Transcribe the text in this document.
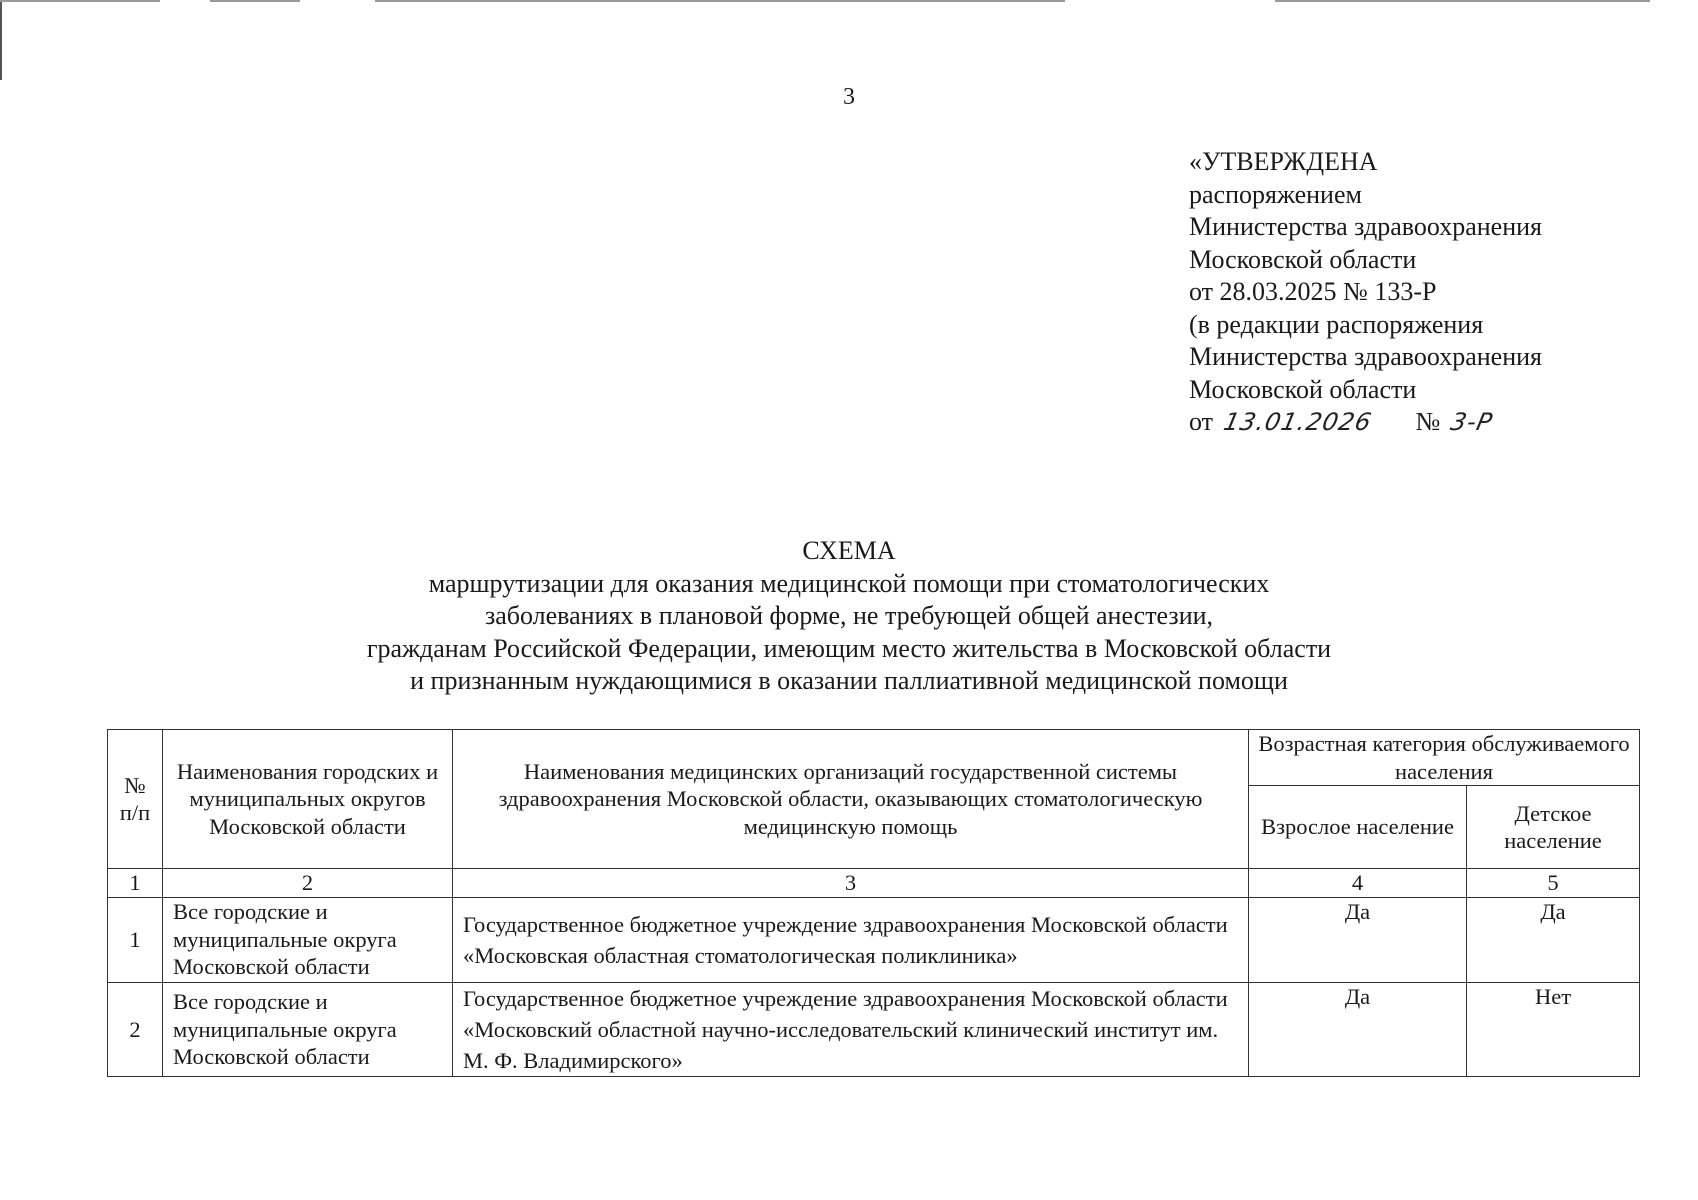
3
«УТВЕРЖДЕНА
распоряжением
Министерства здравоохранения
Московской области
от 28.03.2025 № 133-Р
(в редакции распоряжения
Министерства здравоохранения
Московской области
от 13.01.2026 № 3-Р
СХЕМА
маршрутизации для оказания медицинской помощи при стоматологических
заболеваниях в плановой форме, не требующей общей анестезии,
гражданам Российской Федерации, имеющим место жительства в Московской области
и признанным нуждающимися в оказании паллиативной медицинской помощи
№ п/п	Наименования городских и муниципальных округов Московской области	Наименования медицинских организаций государственной системы здравоохранения Московской области, оказывающих стоматологическую медицинскую помощь	Возрастная категория обслуживаемого населения	
			Взрослое население	Детское население
1	2	3	4	5
1	Все городские и муниципальные округа Московской области	Государственное бюджетное учреждение здравоохранения Московской области «Московская областная стоматологическая поликлиника»	Да	Да
2	Все городские и муниципальные округа Московской области	Государственное бюджетное учреждение здравоохранения Московской области «Московский областной научно-исследовательский клинический институт им. М. Ф. Владимирского»	Да	Нет
